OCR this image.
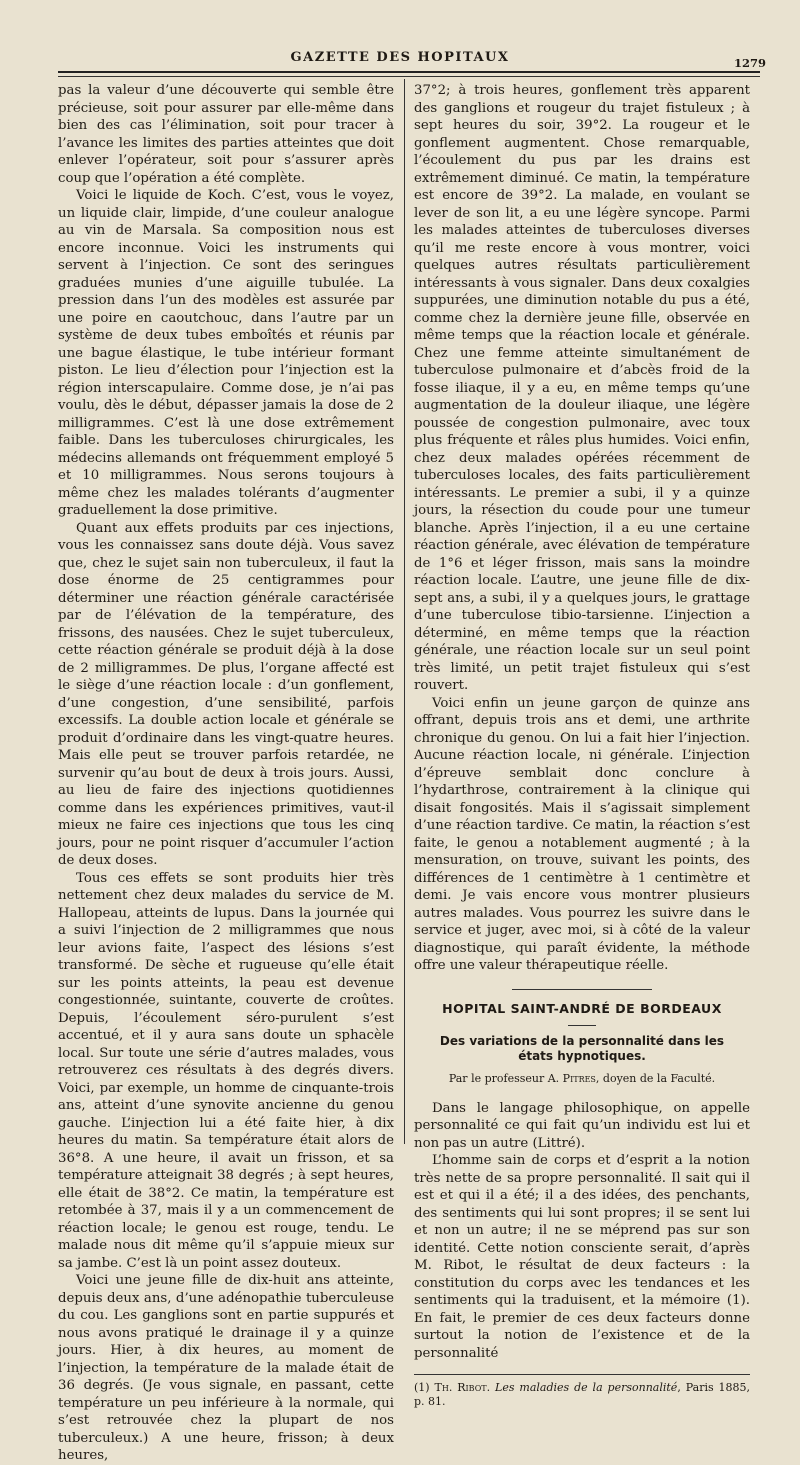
GAZETTE DES HOPITAUX	1279

pas la valeur d’une découverte qui semble être précieuse, soit pour assurer par elle-même dans bien des cas l’élimination, soit pour tracer à l’avance les limites des parties atteintes que doit enlever l’opérateur, soit pour s’assurer après coup que l’opération a été complète.

Voici le liquide de Koch. C’est, vous le voyez, un liquide clair, limpide, d’une couleur analogue au vin de Marsala. Sa composition nous est encore inconnue. Voici les instruments qui servent à l’injection. Ce sont des seringues graduées munies d’une aiguille tubulée. La pression dans l’un des modèles est assurée par une poire en caoutchouc, dans l’autre par un système de deux tubes emboîtés et réunis par une bague élastique, le tube intérieur formant piston. Le lieu d’élection pour l’injection est la région interscapulaire. Comme dose, je n’ai pas voulu, dès le début, dépasser jamais la dose de 2 milligrammes. C’est là une dose extrêmement faible. Dans les tuberculoses chirurgicales, les médecins allemands ont fréquemment employé 5 et 10 milligrammes. Nous serons toujours à même chez les malades tolérants d’augmenter graduellement la dose primitive.

Quant aux effets produits par ces injections, vous les connaissez sans doute déjà. Vous savez que, chez le sujet sain non tuberculeux, il faut la dose énorme de 25 centigrammes pour déterminer une réaction générale caractérisée par de l’élévation de la température, des frissons, des nausées. Chez le sujet tuberculeux, cette réaction générale se produit déjà à la dose de 2 milligrammes. De plus, l’organe affecté est le siège d’une réaction locale : d’un gonflement, d’une congestion, d’une sensibilité, parfois excessifs. La double action locale et générale se produit d’ordinaire dans les vingt-quatre heures. Mais elle peut se trouver parfois retardée, ne survenir qu’au bout de deux à trois jours. Aussi, au lieu de faire des injections quotidiennes comme dans les expériences primitives, vaut-il mieux ne faire ces injections que tous les cinq jours, pour ne point risquer d’accumuler l’action de deux doses.

Tous ces effets se sont produits hier très nettement chez deux malades du service de M. Hallopeau, atteints de lupus. Dans la journée qui a suivi l’injection de 2 milligrammes que nous leur avions faite, l’aspect des lésions s’est transformé. De sèche et rugueuse qu’elle était sur les points atteints, la peau est devenue congestionnée, suintante, couverte de croûtes. Depuis, l’écoulement séro-purulent s’est accentué, et il y aura sans doute un sphacèle local. Sur toute une série d’autres malades, vous retrouverez ces résultats à des degrés divers. Voici, par exemple, un homme de cinquante-trois ans, atteint d’une synovite ancienne du genou gauche. L’injection lui a été faite hier, à dix heures du matin. Sa température était alors de 36°8. A une heure, il avait un frisson, et sa température atteignait 38 degrés ; à sept heures, elle était de 38°2. Ce matin, la température est retombée à 37, mais il y a un commencement de réaction locale; le genou est rouge, tendu. Le malade nous dit même qu’il s’appuie mieux sur sa jambe. C’est là un point assez douteux.

Voici une jeune fille de dix-huit ans atteinte, depuis deux ans, d’une adénopathie tuberculeuse du cou. Les ganglions sont en partie suppurés et nous avons pratiqué le drainage il y a quinze jours. Hier, à dix heures, au moment de l’injection, la température de la malade était de 36 degrés. (Je vous signale, en passant, cette température un peu inférieure à la normale, qui s’est retrouvée chez la plupart de nos tuberculeux.) A une heure, frisson; à deux heures,

37°2; à trois heures, gonflement très apparent des ganglions et rougeur du trajet fistuleux ; à sept heures du soir, 39°2. La rougeur et le gonflement augmentent. Chose remarquable, l’écoulement du pus par les drains est extrêmement diminué. Ce matin, la température est encore de 39°2. La malade, en voulant se lever de son lit, a eu une légère syncope. Parmi les malades atteintes de tuberculoses diverses qu’il me reste encore à vous montrer, voici quelques autres résultats particulièrement intéressants à vous signaler. Dans deux coxalgies suppurées, une diminution notable du pus a été, comme chez la dernière jeune fille, observée en même temps que la réaction locale et générale. Chez une femme atteinte simultanément de tuberculose pulmonaire et d’abcès froid de la fosse iliaque, il y a eu, en même temps qu’une augmentation de la douleur iliaque, une légère poussée de congestion pulmonaire, avec toux plus fréquente et râles plus humides. Voici enfin, chez deux malades opérées récemment de tuberculoses locales, des faits particulièrement intéressants. Le premier a subi, il y a quinze jours, la résection du coude pour une tumeur blanche. Après l’injection, il a eu une certaine réaction générale, avec élévation de température de 1°6 et léger frisson, mais sans la moindre réaction locale. L’autre, une jeune fille de dix-sept ans, a subi, il y a quelques jours, le grattage d’une tuberculose tibio-tarsienne. L’injection a déterminé, en même temps que la réaction générale, une réaction locale sur un seul point très limité, un petit trajet fistuleux qui s’est rouvert.

Voici enfin un jeune garçon de quinze ans offrant, depuis trois ans et demi, une arthrite chronique du genou. On lui a fait hier l’injection. Aucune réaction locale, ni générale. L’injection d’épreuve semblait donc conclure à l’hydarthrose, contrairement à la clinique qui disait fongosités. Mais il s’agissait simplement d’une réaction tardive. Ce matin, la réaction s’est faite, le genou a notablement augmenté ; à la mensuration, on trouve, suivant les points, des différences de 1 centimètre à 1 centimètre et demi. Je vais encore vous montrer plusieurs autres malades. Vous pourrez les suivre dans le service et juger, avec moi, si à côté de la valeur diagnostique, qui paraît évidente, la méthode offre une valeur thérapeutique réelle.

HOPITAL SAINT-ANDRÉ DE BORDEAUX
Des variations de la personnalité dans les états hypnotiques.
Par le professeur A. Pitres, doyen de la Faculté.

Dans le langage philosophique, on appelle personnalité ce qui fait qu’un individu est lui et non pas un autre (Littré).

L’homme sain de corps et d’esprit a la notion très nette de sa propre personnalité. Il sait qui il est et qui il a été; il a des idées, des penchants, des sentiments qui lui sont propres; il se sent lui et non un autre; il ne se méprend pas sur son identité. Cette notion consciente serait, d’après M. Ribot, le résultat de deux facteurs : la constitution du corps avec les tendances et les sentiments qui la traduisent, et la mémoire (1). En fait, le premier de ces deux facteurs donne surtout la notion de l’existence et de la personnalité

(1) Th. Ribot. Les maladies de la personnalité, Paris 1885, p. 81.
